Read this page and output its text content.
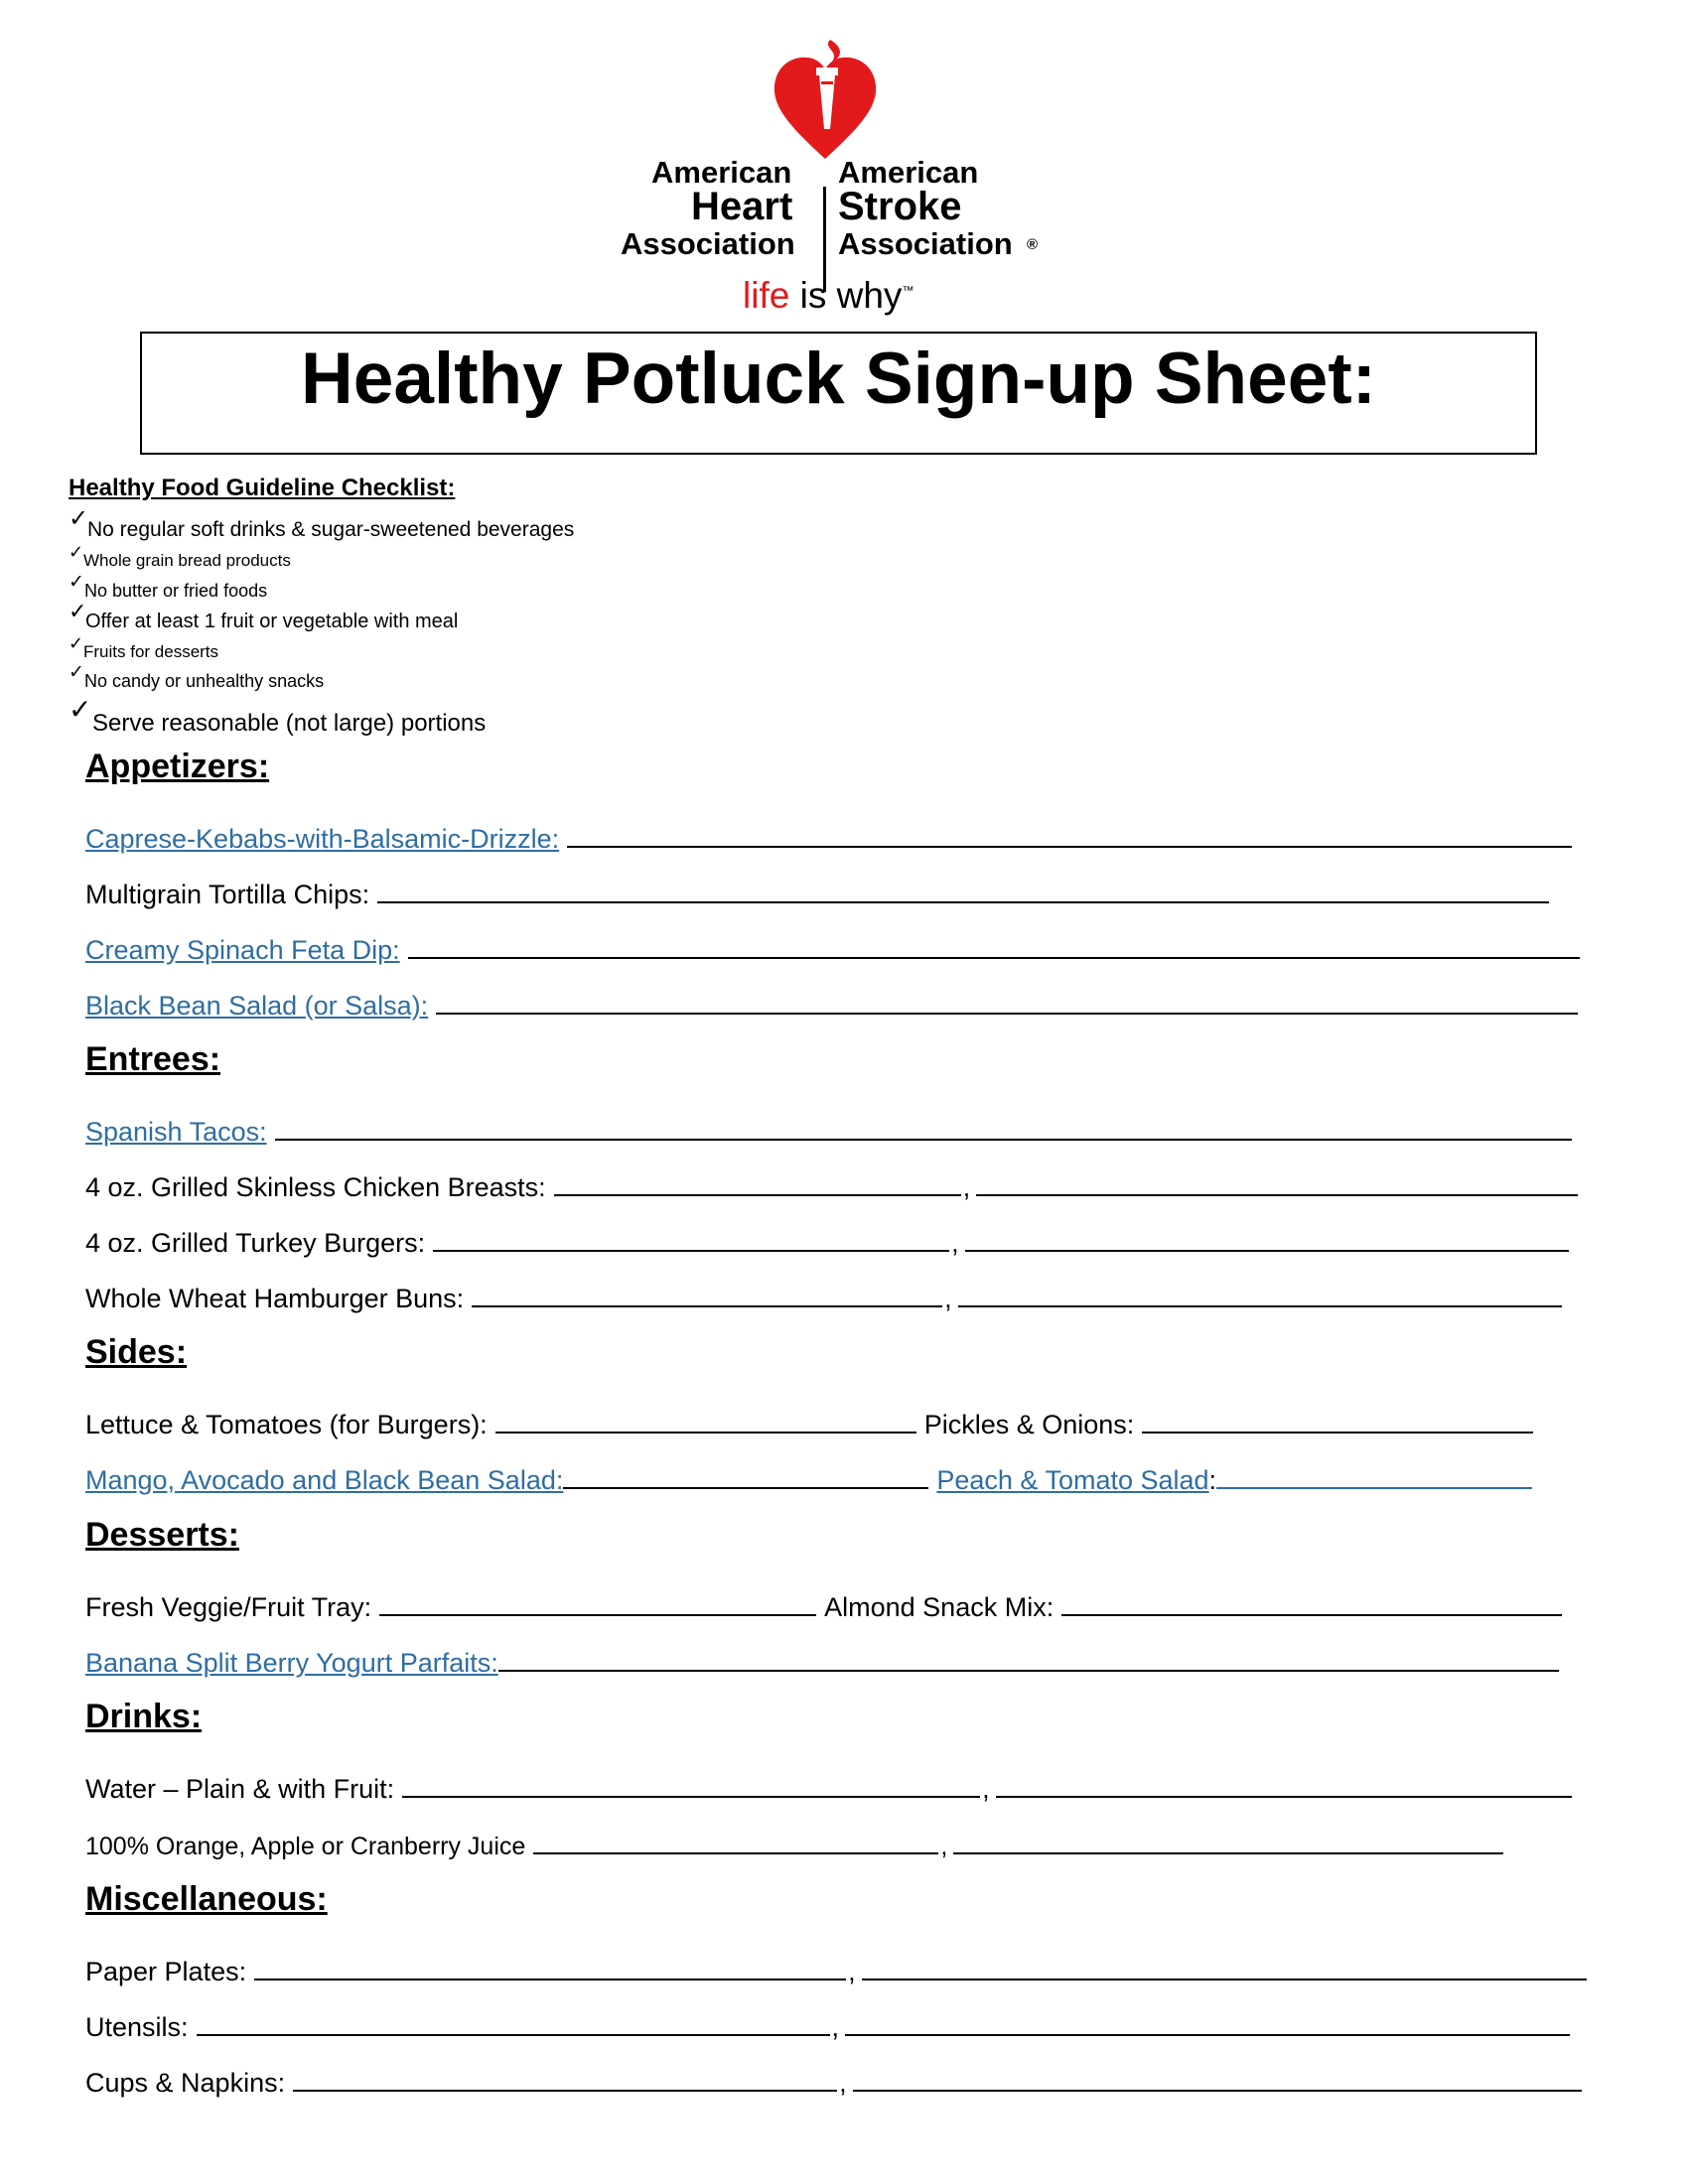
American
Heart
Association
American
Stroke
Association ®
life is why™
Healthy Potluck Sign-up Sheet:
Healthy Food Guideline Checklist:
✓
No regular soft drinks & sugar-sweetened beverages
✓ Whole grain bread products
✓ No butter or fried foods
✓
Offer at least 1 fruit or vegetable with meal
✓ Fruits for desserts
✓ No candy or unhealthy snacks
✓ Serve reasonable (not large) portions
Appetizers:
Caprese-Kebabs-with-Balsamic-Drizzle:
Multigrain Tortilla Chips:
Creamy Spinach Feta Dip:
Black Bean Salad (or Salsa):
Entrees:
Spanish Tacos:
4 oz. Grilled Skinless Chicken Breasts:	,
4 oz. Grilled Turkey Burgers:	,
Whole Wheat Hamburger Buns:	,
Sides:
Lettuce & Tomatoes (for Burgers):	Pickles & Onions:
Mango, Avocado and Black Bean Salad:	Peach & Tomato Salad :
Desserts:
Fresh Veggie/Fruit Tray:	Almond Snack Mix:
Banana Split Berry Yogurt Parfaits:
Drinks:
Water – Plain & with Fruit:	,
100% Orange, Apple or Cranberry Juice	,
Miscellaneous:
Paper Plates:	,
Utensils:	,
Cups & Napkins:	,
